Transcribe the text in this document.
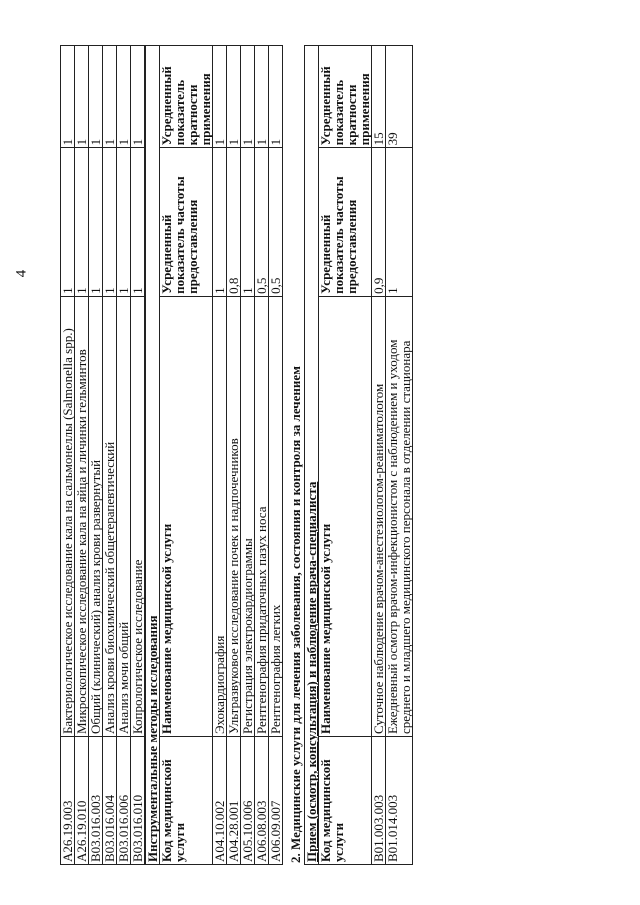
4
A26.19.003	Бактериологическое исследование кала на сальмонеллы (Salmonella spp.)	1	1
A26.19.010	Микроскопическое исследование кала на яйца и личинки гельминтов	1	1
B03.016.003	Общий (клинический) анализ крови развернутый	1	1
B03.016.004	Анализ крови биохимический общетерапевтический	1	1
B03.016.006	Анализ мочи общий	1	1
B03.016.010	Копрологическое исследование	1	1
Инструментальные методы исследования			
Код медицинской услуги	Наименование медицинской услуги	Усредненный показатель частоты предоставления	Усредненный показатель кратности применения
A04.10.002	Эхокардиография	1	1
A04.28.001	Ультразвуковое исследование почек и надпочечников	0,8	1
A05.10.006	Регистрация электрокардиограммы	1	1
A06.08.003	Рентгенография придаточных пазух носа	0,5	1
A06.09.007	Рентгенография легких	0,5	1
2. Медицинские услуги для лечения заболевания, состояния и контроля за лечением Прием (осмотр, консультация) и наблюдение врача-специалиста			
Код медицинской услуги	Наименование медицинской услуги	Усредненный показатель частоты предоставления	Усредненный показатель кратности применения
B01.003.003	Суточное наблюдение врачом-анестезиологом-реаниматологом	0,9	15
B01.014.003	Ежедневный осмотр врачом-инфекционистом с наблюдением и уходом среднего и младшего медицинского персонала в отделении стационара	1	39
